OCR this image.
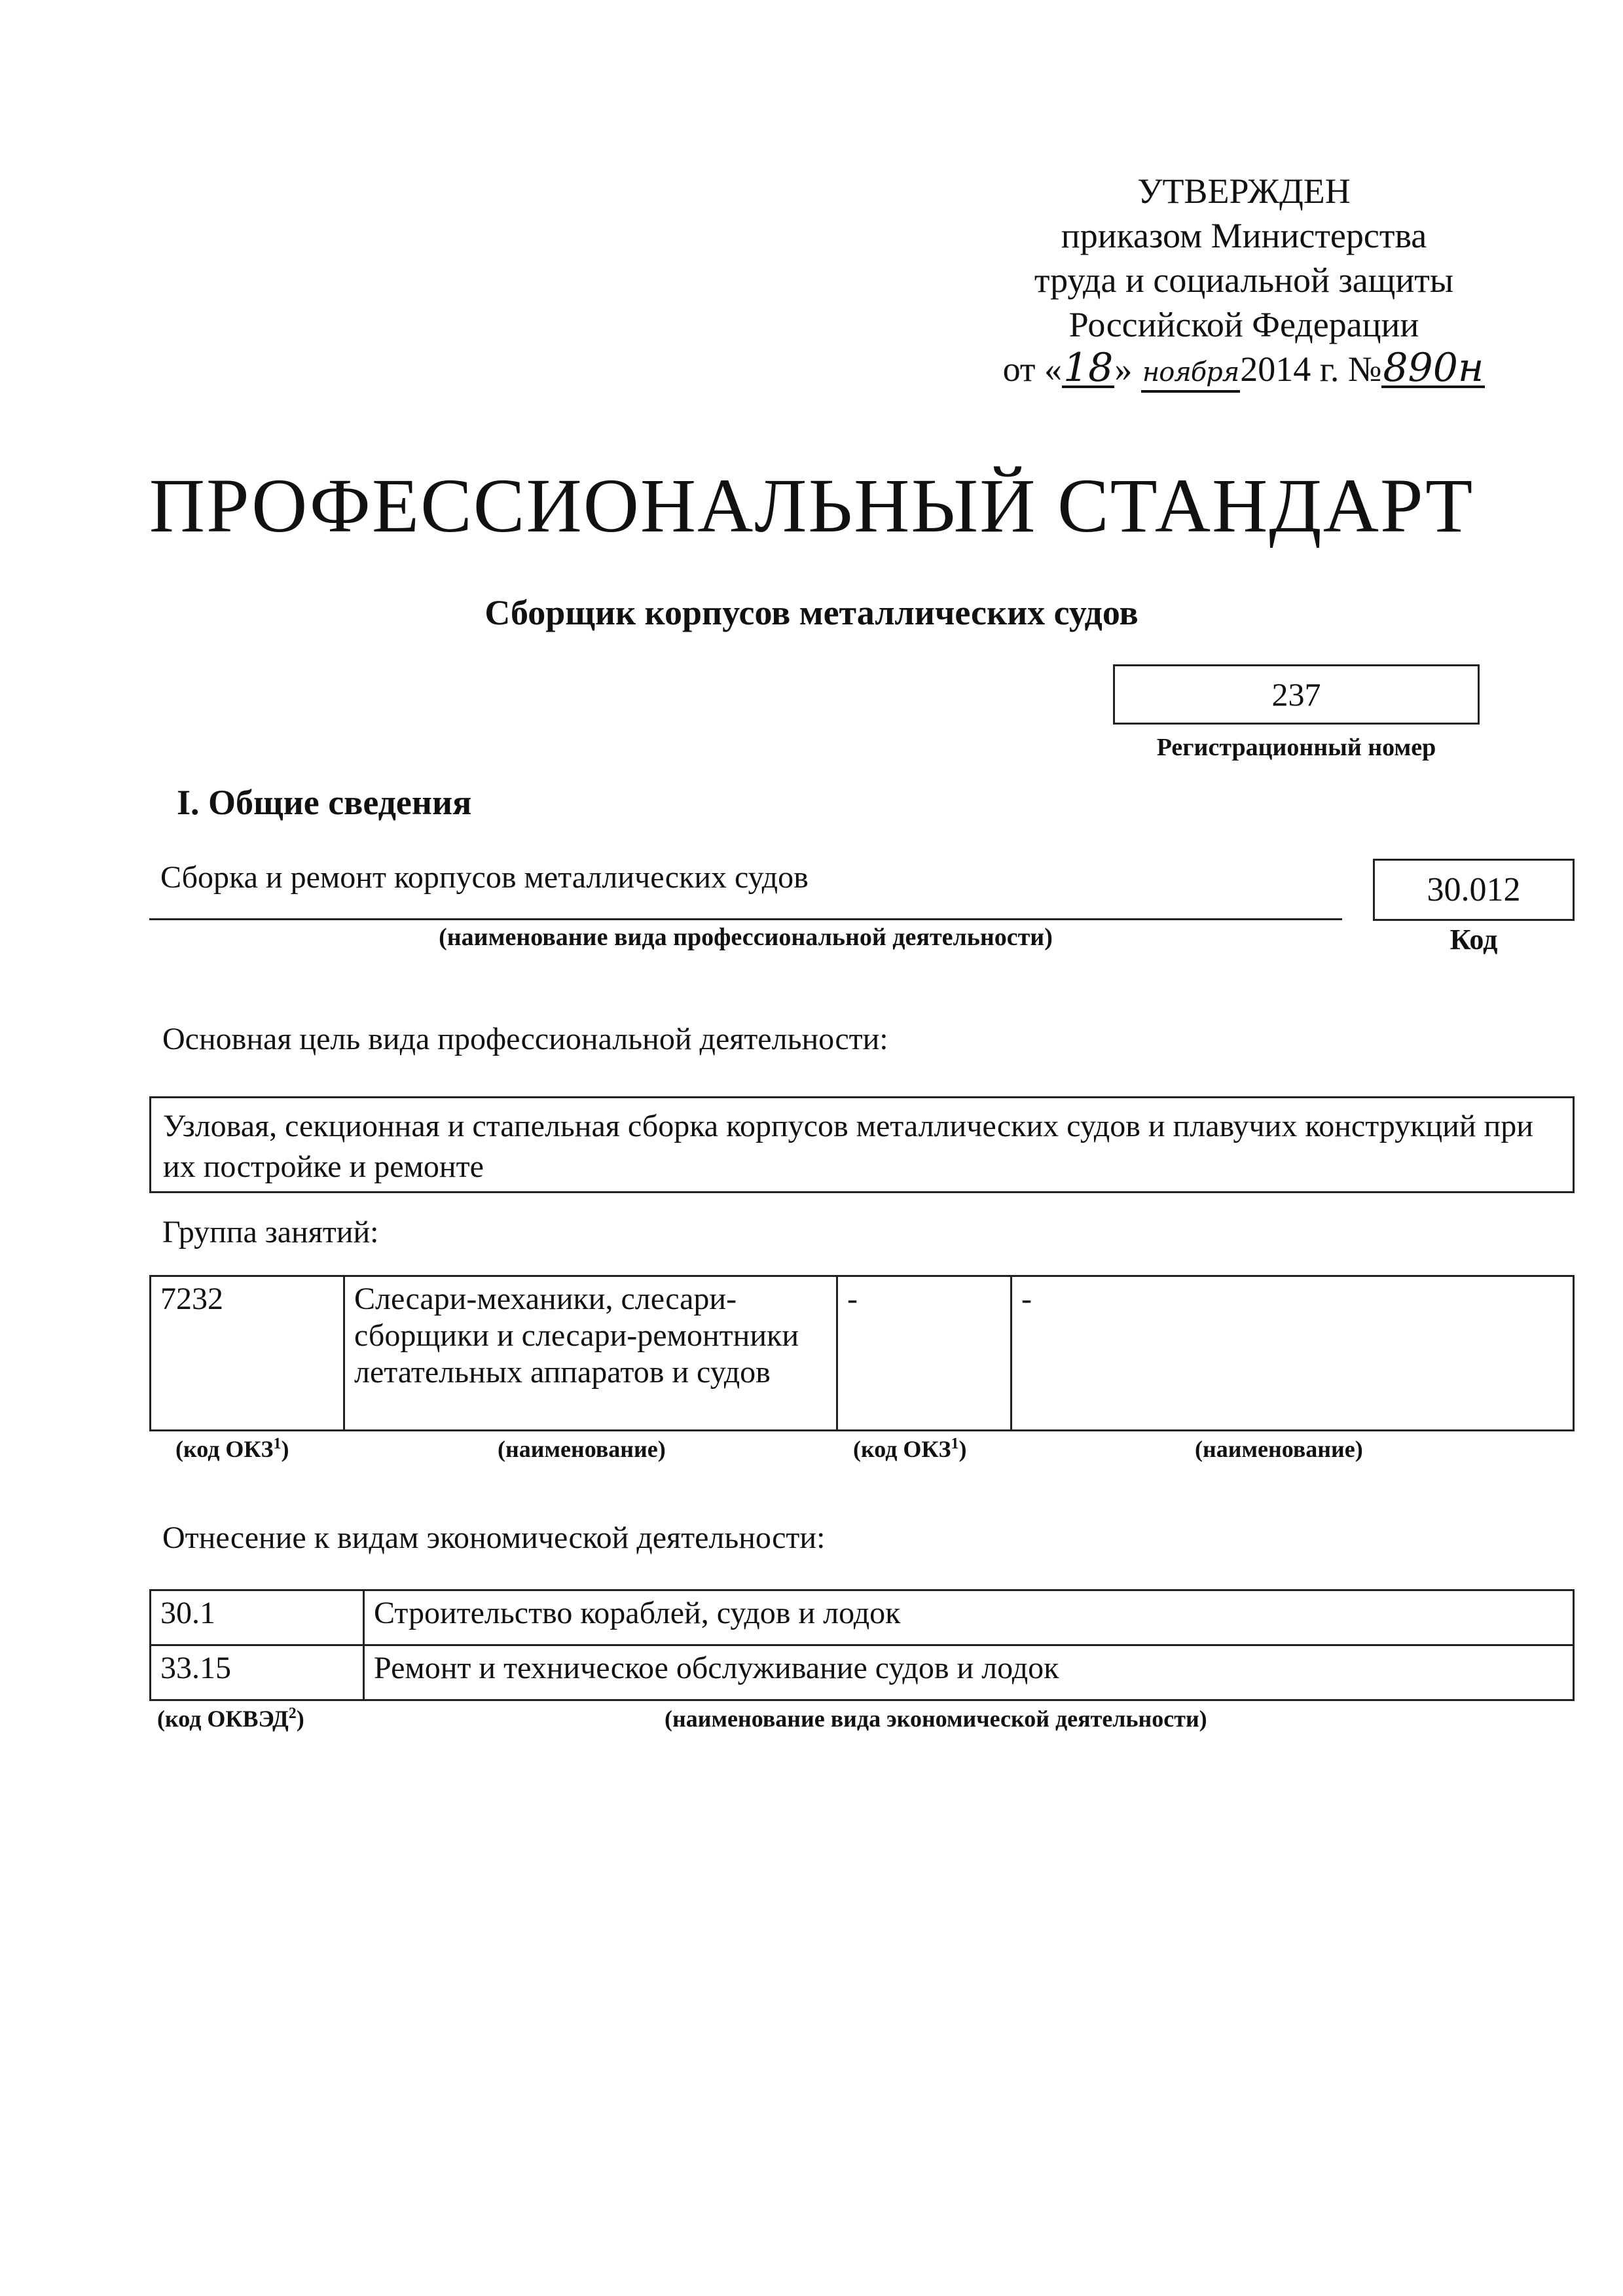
УТВЕРЖДЕН
приказом Министерства
труда и социальной защиты
Российской Федерации
от «18» ноября2014 г. №890н
ПРОФЕССИОНАЛЬНЫЙ СТАНДАРТ
Сборщик корпусов металлических судов
237
Регистрационный номер
I. Общие сведения
Сборка и ремонт корпусов металлических судов
(наименование вида профессиональной деятельности)
30.012
Код
Основная цель вида профессиональной деятельности:
Узловая, секционная и стапельная сборка корпусов металлических судов и плавучих конструкций при их постройке и ремонте
Группа занятий:
7232	Слесари-механики, слесари-сборщики и слесари-ремонтники летательных аппаратов и судов	-	-
(код ОКЗ$^1$)	(наименование)	(код ОКЗ$^1$)	(наименование)
Отнесение к видам экономической деятельности:
30.1	Строительство кораблей, судов и лодок
33.15	Ремонт и техническое обслуживание судов и лодок
(код ОКВЭД$^2$)	(наименование вида экономической деятельности)
